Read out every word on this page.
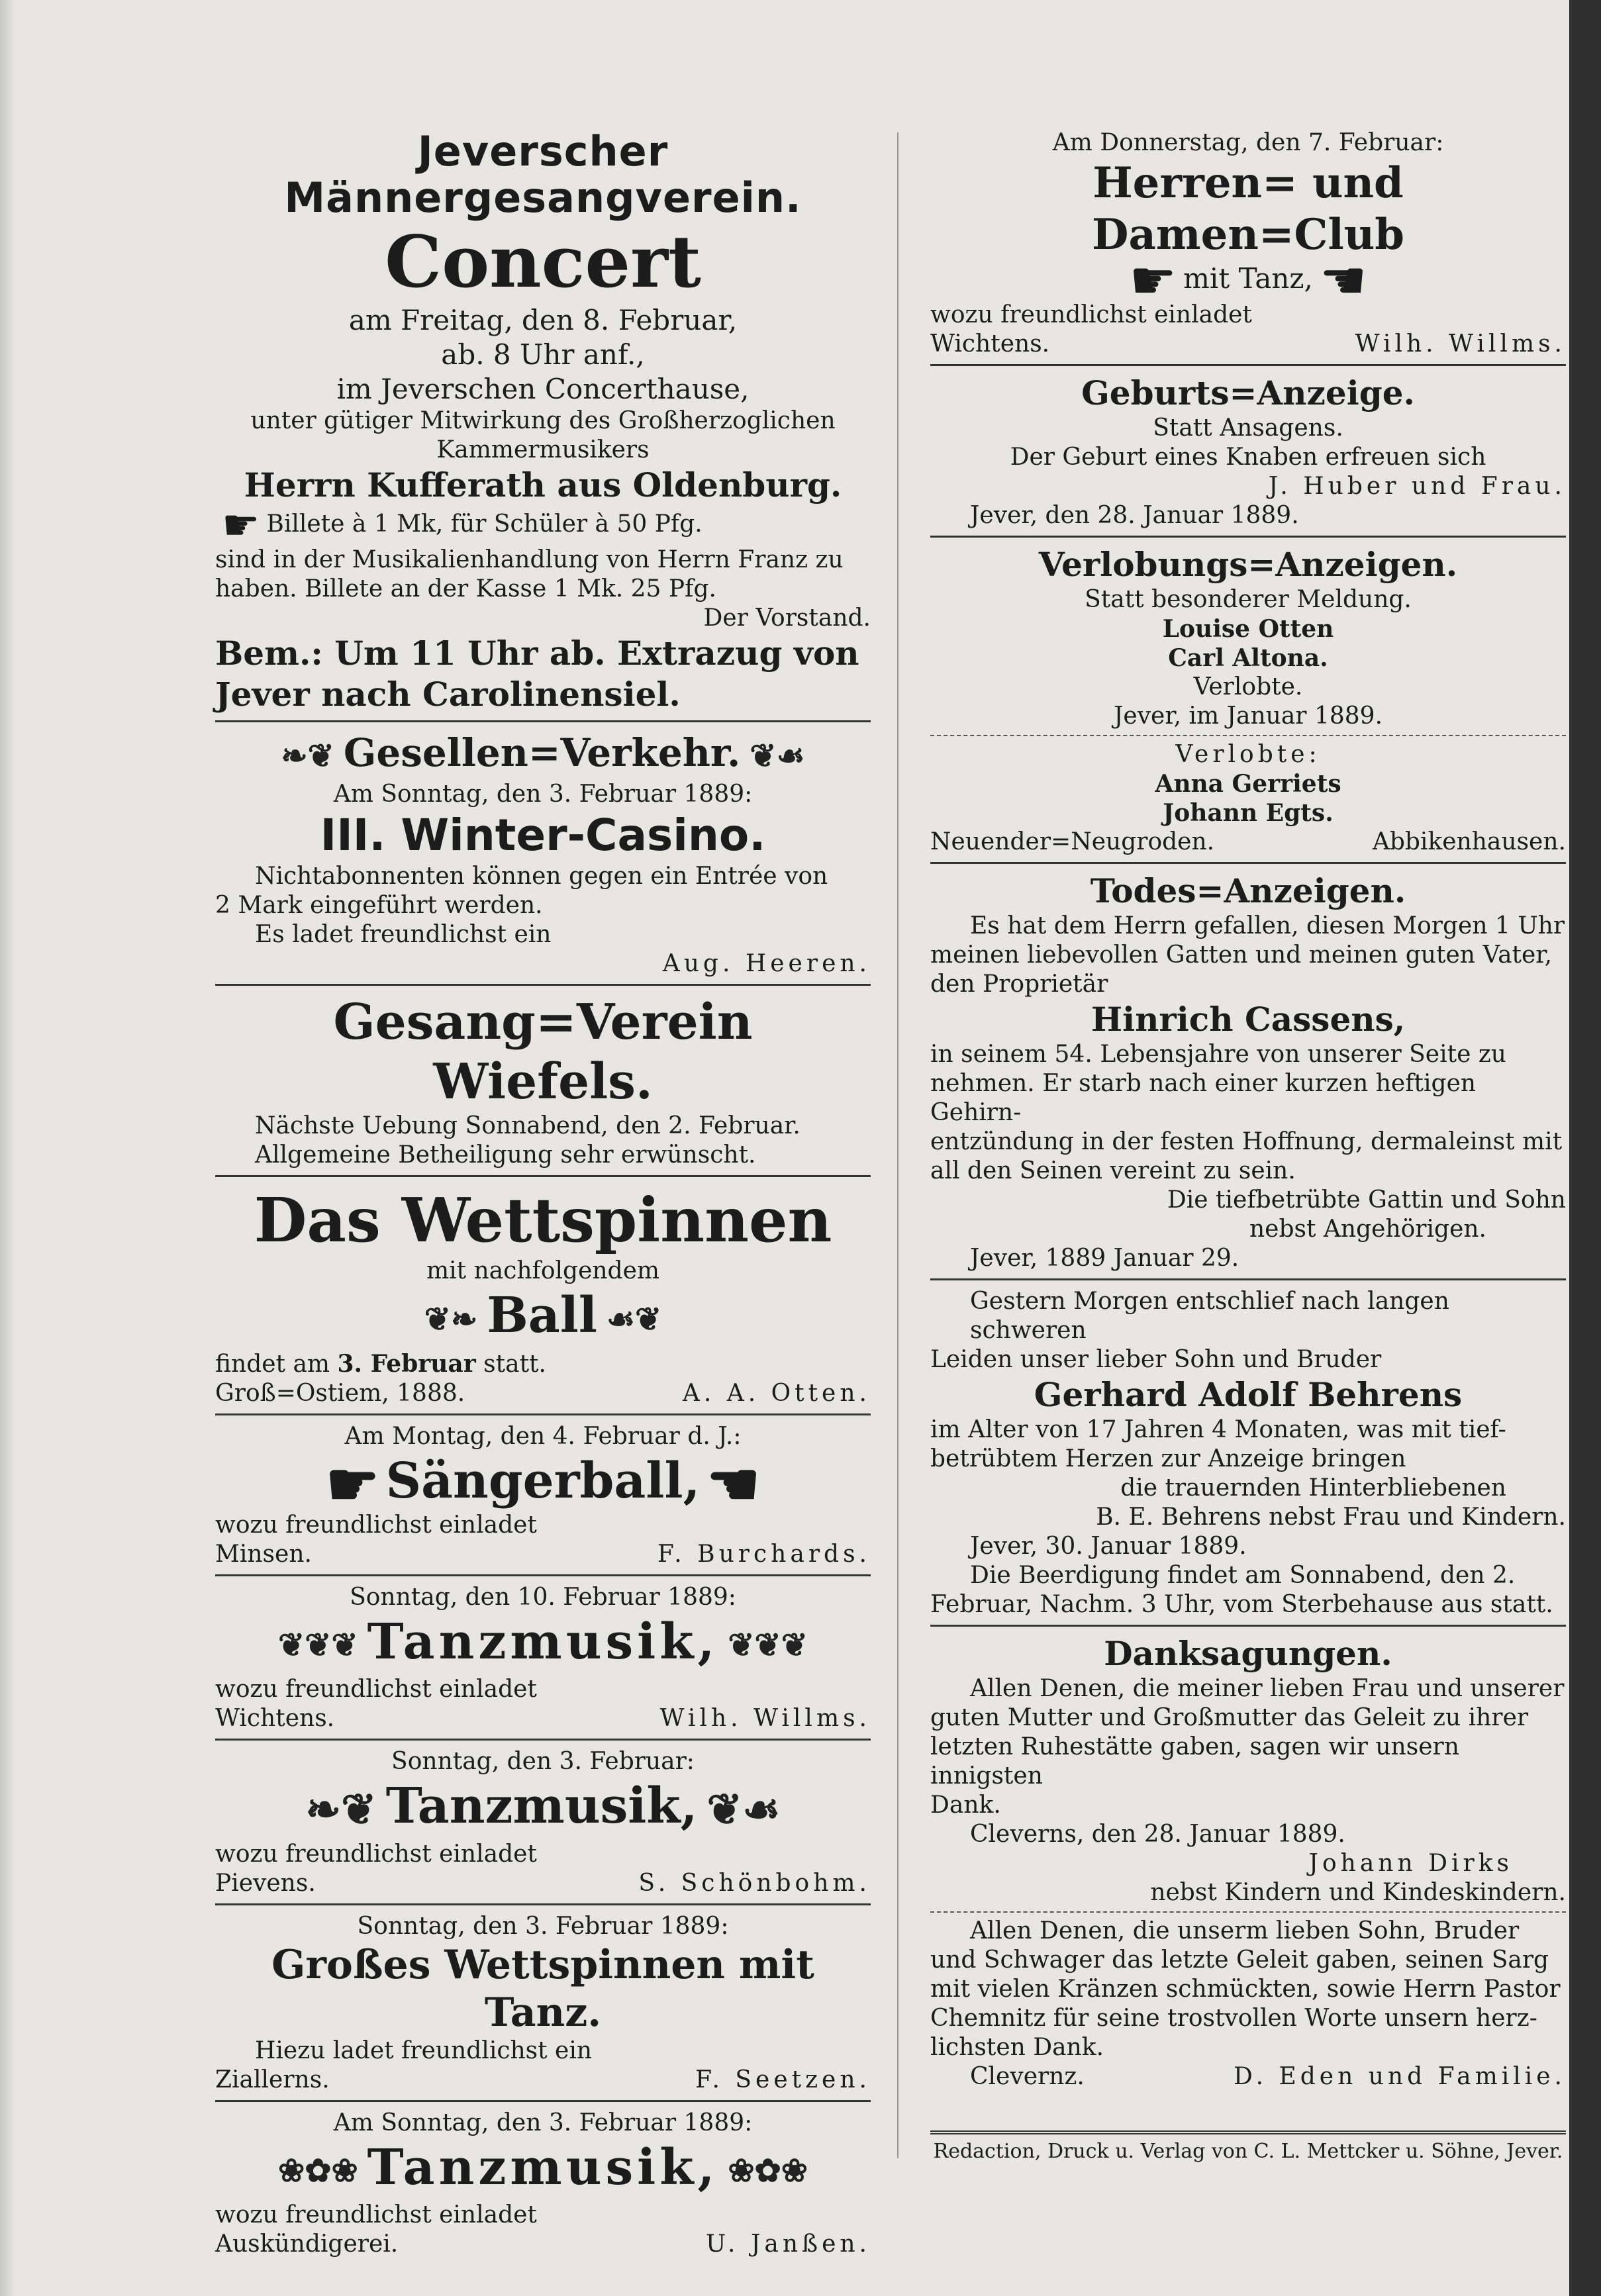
Jeverscher
Männergesangverein.
Concert
am Freitag, den 8. Februar,
ab. 8 Uhr anf.,
im Jeverschen Concerthause,
unter gütiger Mitwirkung des Großherzoglichen
Kammermusikers
Herrn Kufferath aus Oldenburg.
☛ Billete à 1 Mk, für Schüler à 50 Pfg.
sind in der Musikalienhandlung von Herrn Franz zu
haben. Billete an der Kasse 1 Mk. 25 Pfg.
Der Vorstand.
Bem.: Um 11 Uhr ab. Extrazug von
Jever nach Carolinensiel.
❧❦ Gesellen=Verkehr. ❦☙
Am Sonntag, den 3. Februar 1889:
III. Winter-Casino.
Nichtabonnenten können gegen ein Entrée von
2 Mark eingeführt werden.
Es ladet freundlichst ein
Aug. Heeren.
Gesang=Verein Wiefels.
Nächste Uebung Sonnabend, den 2. Februar.
Allgemeine Betheiligung sehr erwünscht.
Das Wettspinnen
mit nachfolgendem
❦❧ Ball ☙❦
findet am 3. Februar statt.
Groß=Ostiem, 1888.	A. A. Otten.
Am Montag, den 4. Februar d. J.:
☛ Sängerball, ☚
wozu freundlichst einladet
Minsen.	F. Burchards.
Sonntag, den 10. Februar 1889:
❦❦❦ Tanzmusik, ❦❦❦
wozu freundlichst einladet
Wichtens.	Wilh. Willms.
Sonntag, den 3. Februar:
❧❦ Tanzmusik, ❦☙
wozu freundlichst einladet
Pievens.	S. Schönbohm.
Sonntag, den 3. Februar 1889:
Großes Wettspinnen mit Tanz.
Hiezu ladet freundlichst ein
Ziallerns.	F. Seetzen.
Am Sonntag, den 3. Februar 1889:
❀✿❀ Tanzmusik, ❀✿❀
wozu freundlichst einladet
Auskündigerei.	U. Janßen.
Am Donnerstag, den 7. Februar:
Herren= und Damen=Club
☛ mit Tanz, ☚
wozu freundlichst einladet
Wichtens.	Wilh. Willms.
Geburts=Anzeige.
Statt Ansagens.
Der Geburt eines Knaben erfreuen sich
J. Huber und Frau.
Jever, den 28. Januar 1889.
Verlobungs=Anzeigen.
Statt besonderer Meldung.
Louise Otten
Carl Altona.
Verlobte.
Jever, im Januar 1889.
Verlobte:
Anna Gerriets
Johann Egts.
Neuender=Neugroden.	Abbikenhausen.
Todes=Anzeigen.
Es hat dem Herrn gefallen, diesen Morgen 1 Uhr
meinen liebevollen Gatten und meinen guten Vater,
den Proprietär
Hinrich Cassens,
in seinem 54. Lebensjahre von unserer Seite zu
nehmen. Er starb nach einer kurzen heftigen Gehirn-
entzündung in der festen Hoffnung, dermaleinst mit
all den Seinen vereint zu sein.
Die tiefbetrübte Gattin und Sohn
nebst Angehörigen.
Jever, 1889 Januar 29.
Gestern Morgen entschlief nach langen schweren
Leiden unser lieber Sohn und Bruder
Gerhard Adolf Behrens
im Alter von 17 Jahren 4 Monaten, was mit tief-
betrübtem Herzen zur Anzeige bringen
die trauernden Hinterbliebenen
B. E. Behrens nebst Frau und Kindern.
Jever, 30. Januar 1889.
Die Beerdigung findet am Sonnabend, den 2.
Februar, Nachm. 3 Uhr, vom Sterbehause aus statt.
Danksagungen.
Allen Denen, die meiner lieben Frau und unserer
guten Mutter und Großmutter das Geleit zu ihrer
letzten Ruhestätte gaben, sagen wir unsern innigsten
Dank.
Cleverns, den 28. Januar 1889.
Johann Dirks
nebst Kindern und Kindeskindern.
Allen Denen, die unserm lieben Sohn, Bruder
und Schwager das letzte Geleit gaben, seinen Sarg
mit vielen Kränzen schmückten, sowie Herrn Pastor
Chemnitz für seine trostvollen Worte unsern herz-
lichsten Dank.
Clevernz.	D. Eden und Familie.
Redaction, Druck u. Verlag von C. L. Mettcker u. Söhne, Jever.
